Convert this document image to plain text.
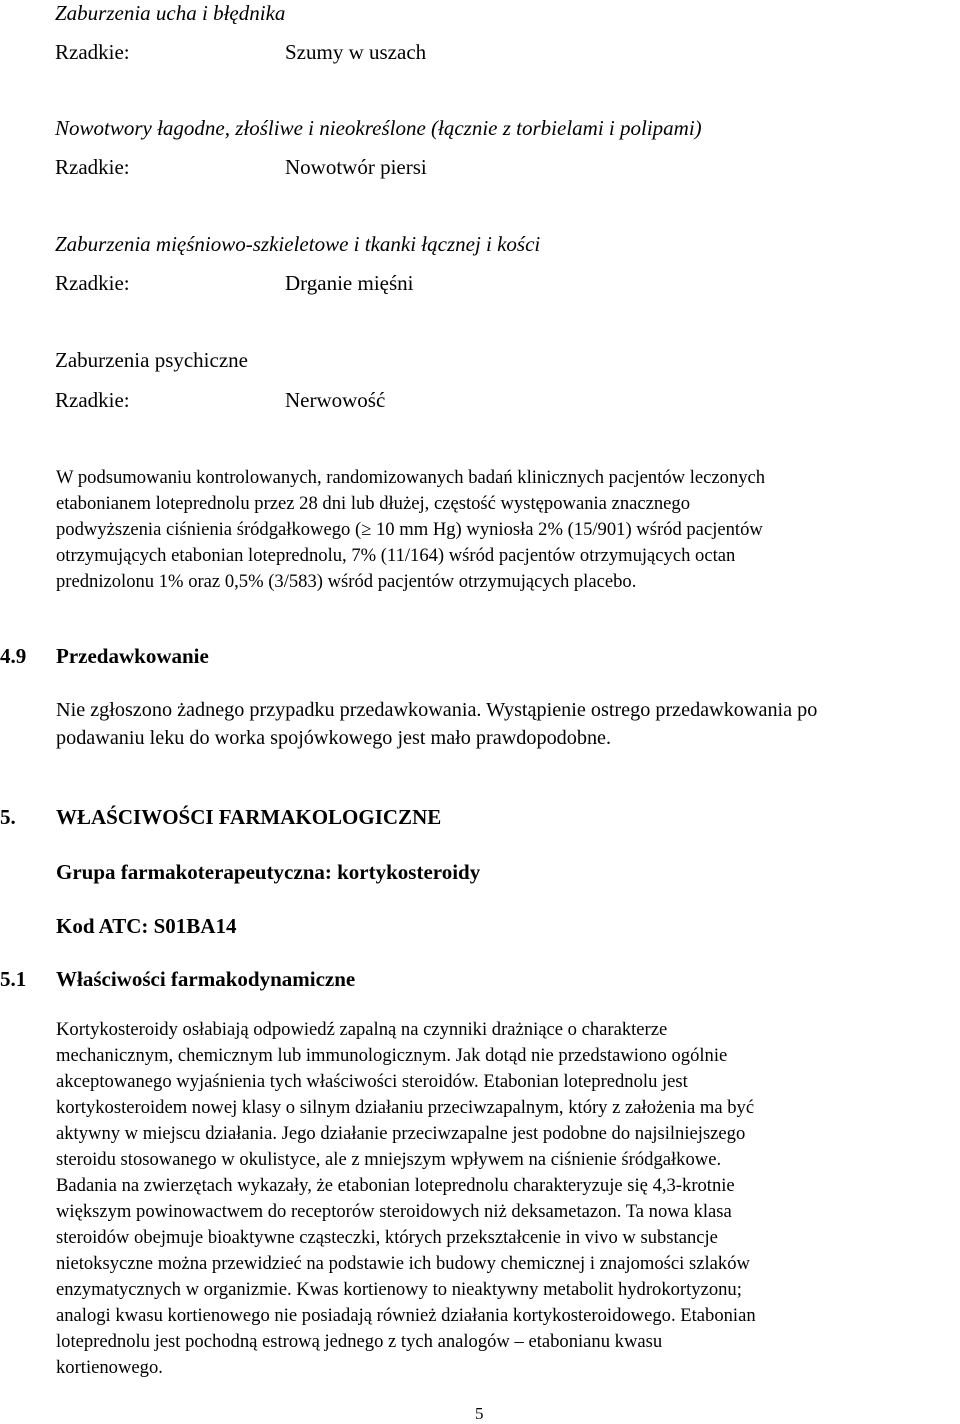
Zaburzenia ucha i błędnika
Rzadkie:	Szumy w uszach
Nowotwory łagodne, złośliwe i nieokreślone (łącznie z torbielami i polipami)
Rzadkie:	Nowotwór piersi
Zaburzenia mięśniowo-szkieletowe i tkanki łącznej i kości
Rzadkie:	Drganie mięśni
Zaburzenia psychiczne
Rzadkie:	Nerwowość
W podsumowaniu kontrolowanych, randomizowanych badań klinicznych pacjentów leczonych
etabonianem loteprednolu przez 28 dni lub dłużej, częstość występowania znacznego
podwyższenia ciśnienia śródgałkowego (≥ 10 mm Hg) wyniosła 2% (15/901) wśród pacjentów
otrzymujących etabonian loteprednolu, 7% (11/164) wśród pacjentów otrzymujących octan
prednizolonu 1% oraz 0,5% (3/583) wśród pacjentów otrzymujących placebo.
4.9 Przedawkowanie
Nie zgłoszono żadnego przypadku przedawkowania. Wystąpienie ostrego przedawkowania po
podawaniu leku do worka spojówkowego jest mało prawdopodobne.
5. WŁAŚCIWOŚCI FARMAKOLOGICZNE
Grupa farmakoterapeutyczna: kortykosteroidy
Kod ATC: S01BA14
5.1 Właściwości farmakodynamiczne
Kortykosteroidy osłabiają odpowiedź zapalną na czynniki drażniące o charakterze
mechanicznym, chemicznym lub immunologicznym. Jak dotąd nie przedstawiono ogólnie
akceptowanego wyjaśnienia tych właściwości steroidów. Etabonian loteprednolu jest
kortykosteroidem nowej klasy o silnym działaniu przeciwzapalnym, który z założenia ma być
aktywny w miejscu działania. Jego działanie przeciwzapalne jest podobne do najsilniejszego
steroidu stosowanego w okulistyce, ale z mniejszym wpływem na ciśnienie śródgałkowe.
Badania na zwierzętach wykazały, że etabonian loteprednolu charakteryzuje się 4,3-krotnie
większym powinowactwem do receptorów steroidowych niż deksametazon. Ta nowa klasa
steroidów obejmuje bioaktywne cząsteczki, których przekształcenie in vivo w substancje
nietoksyczne można przewidzieć na podstawie ich budowy chemicznej i znajomości szlaków
enzymatycznych w organizmie. Kwas kortienowy to nieaktywny metabolit hydrokortyzonu;
analogi kwasu kortienowego nie posiadają również działania kortykosteroidowego. Etabonian
loteprednolu jest pochodną estrową jednego z tych analogów – etabonianu kwasu
kortienowego.
5
